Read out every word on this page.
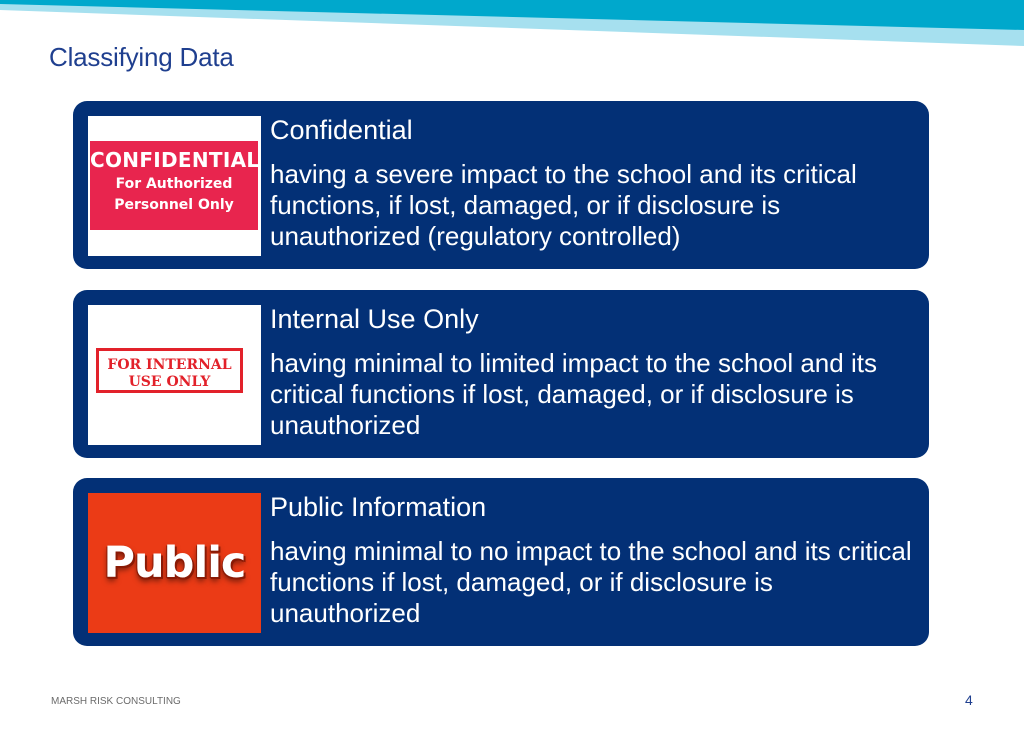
Classifying Data
CONFIDENTIAL
For Authorized
Personnel Only
Confidential

having a severe impact to the school and its critical functions, if lost, damaged, or if disclosure is unauthorized (regulatory controlled)

FOR INTERNAL
USE ONLY
Internal Use Only

having minimal to limited impact to the school and its critical functions if lost, damaged, or if disclosure is unauthorized

Public
Public Information

having minimal to no impact to the school and its critical functions if lost, damaged, or if disclosure is unauthorized

MARSH RISK CONSULTING	4
